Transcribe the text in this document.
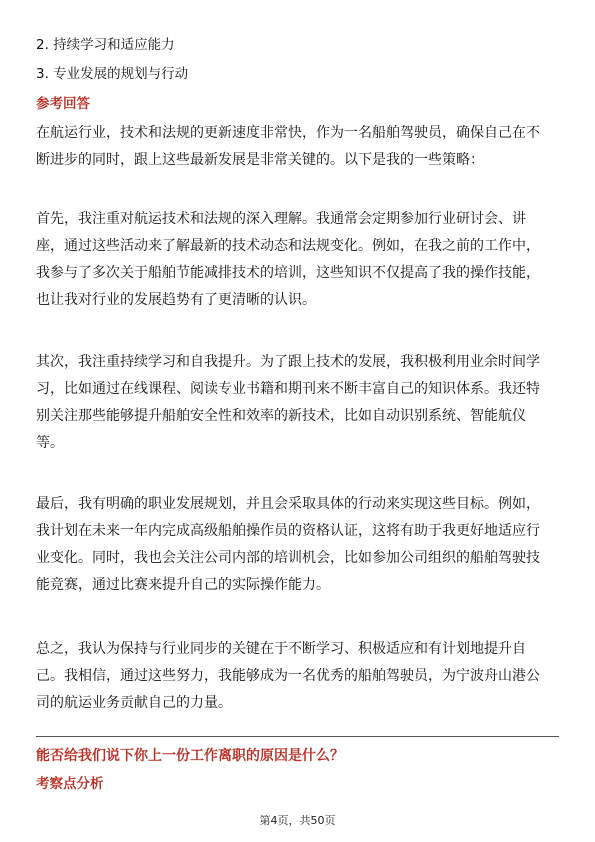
2. 持续学习和适应能力
3. 专业发展的规划与行动
参考回答
在航运行业，技术和法规的更新速度非常快，作为一名船舶驾驶员，确保自己在不
断进步的同时，跟上这些最新发展是非常关键的。以下是我的一些策略：
首先，我注重对航运技术和法规的深入理解。我通常会定期参加行业研讨会、讲
座，通过这些活动来了解最新的技术动态和法规变化。例如，在我之前的工作中，
我参与了多次关于船舶节能减排技术的培训，这些知识不仅提高了我的操作技能，
也让我对行业的发展趋势有了更清晰的认识。
其次，我注重持续学习和自我提升。为了跟上技术的发展，我积极利用业余时间学
习，比如通过在线课程、阅读专业书籍和期刊来不断丰富自己的知识体系。我还特
别关注那些能够提升船舶安全性和效率的新技术，比如自动识别系统、智能航仪
等。
最后，我有明确的职业发展规划，并且会采取具体的行动来实现这些目标。例如，
我计划在未来一年内完成高级船舶操作员的资格认证，这将有助于我更好地适应行
业变化。同时，我也会关注公司内部的培训机会，比如参加公司组织的船舶驾驶技
能竞赛，通过比赛来提升自己的实际操作能力。
总之，我认为保持与行业同步的关键在于不断学习、积极适应和有计划地提升自
己。我相信，通过这些努力，我能够成为一名优秀的船舶驾驶员，为宁波舟山港公
司的航运业务贡献自己的力量。
能否给我们说下你上一份工作离职的原因是什么？
考察点分析
第4页，共50页
